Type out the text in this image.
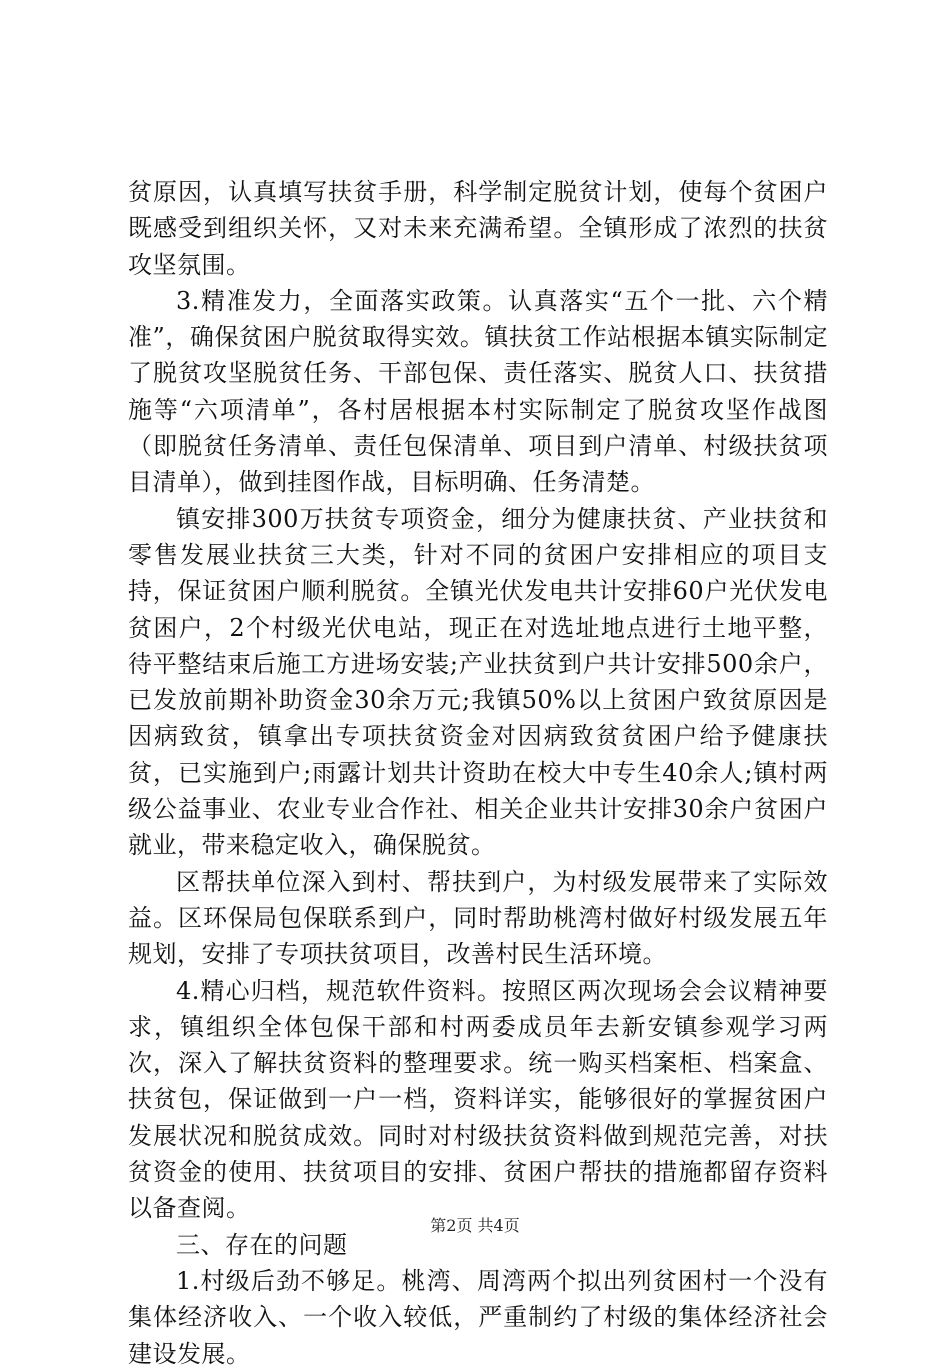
贫原因，认真填写扶贫手册，科学制定脱贫计划，使每个贫困户既感受到组织关怀，又对未来充满希望。全镇形成了浓烈的扶贫攻坚氛围。

3.精准发力，全面落实政策。认真落实“五个一批、六个精准”，确保贫困户脱贫取得实效。镇扶贫工作站根据本镇实际制定了脱贫攻坚脱贫任务、干部包保、责任落实、脱贫人口、扶贫措施等“六项清单”，各村居根据本村实际制定了脱贫攻坚作战图（即脱贫任务清单、责任包保清单、项目到户清单、村级扶贫项目清单），做到挂图作战，目标明确、任务清楚。

镇安排300万扶贫专项资金，细分为健康扶贫、产业扶贫和零售发展业扶贫三大类，针对不同的贫困户安排相应的项目支持，保证贫困户顺利脱贫。全镇光伏发电共计安排60户光伏发电贫困户，2个村级光伏电站，现正在对选址地点进行土地平整，待平整结束后施工方进场安装;产业扶贫到户共计安排500余户，已发放前期补助资金30余万元;我镇50%以上贫困户致贫原因是因病致贫，镇拿出专项扶贫资金对因病致贫贫困户给予健康扶贫，已实施到户;雨露计划共计资助在校大中专生40余人;镇村两级公益事业、农业专业合作社、相关企业共计安排30余户贫困户就业，带来稳定收入，确保脱贫。

区帮扶单位深入到村、帮扶到户，为村级发展带来了实际效益。区环保局包保联系到户，同时帮助桃湾村做好村级发展五年规划，安排了专项扶贫项目，改善村民生活环境。

4.精心归档，规范软件资料。按照区两次现场会会议精神要求，镇组织全体包保干部和村两委成员年去新安镇参观学习两次，深入了解扶贫资料的整理要求。统一购买档案柜、档案盒、扶贫包，保证做到一户一档，资料详实，能够很好的掌握贫困户发展状况和脱贫成效。同时对村级扶贫资料做到规范完善，对扶贫资金的使用、扶贫项目的安排、贫困户帮扶的措施都留存资料以备查阅。

三、存在的问题

1.村级后劲不够足。桃湾、周湾两个拟出列贫困村一个没有集体经济收入、一个收入较低，严重制约了村级的集体经济社会建设发展。

第2页 共4页
